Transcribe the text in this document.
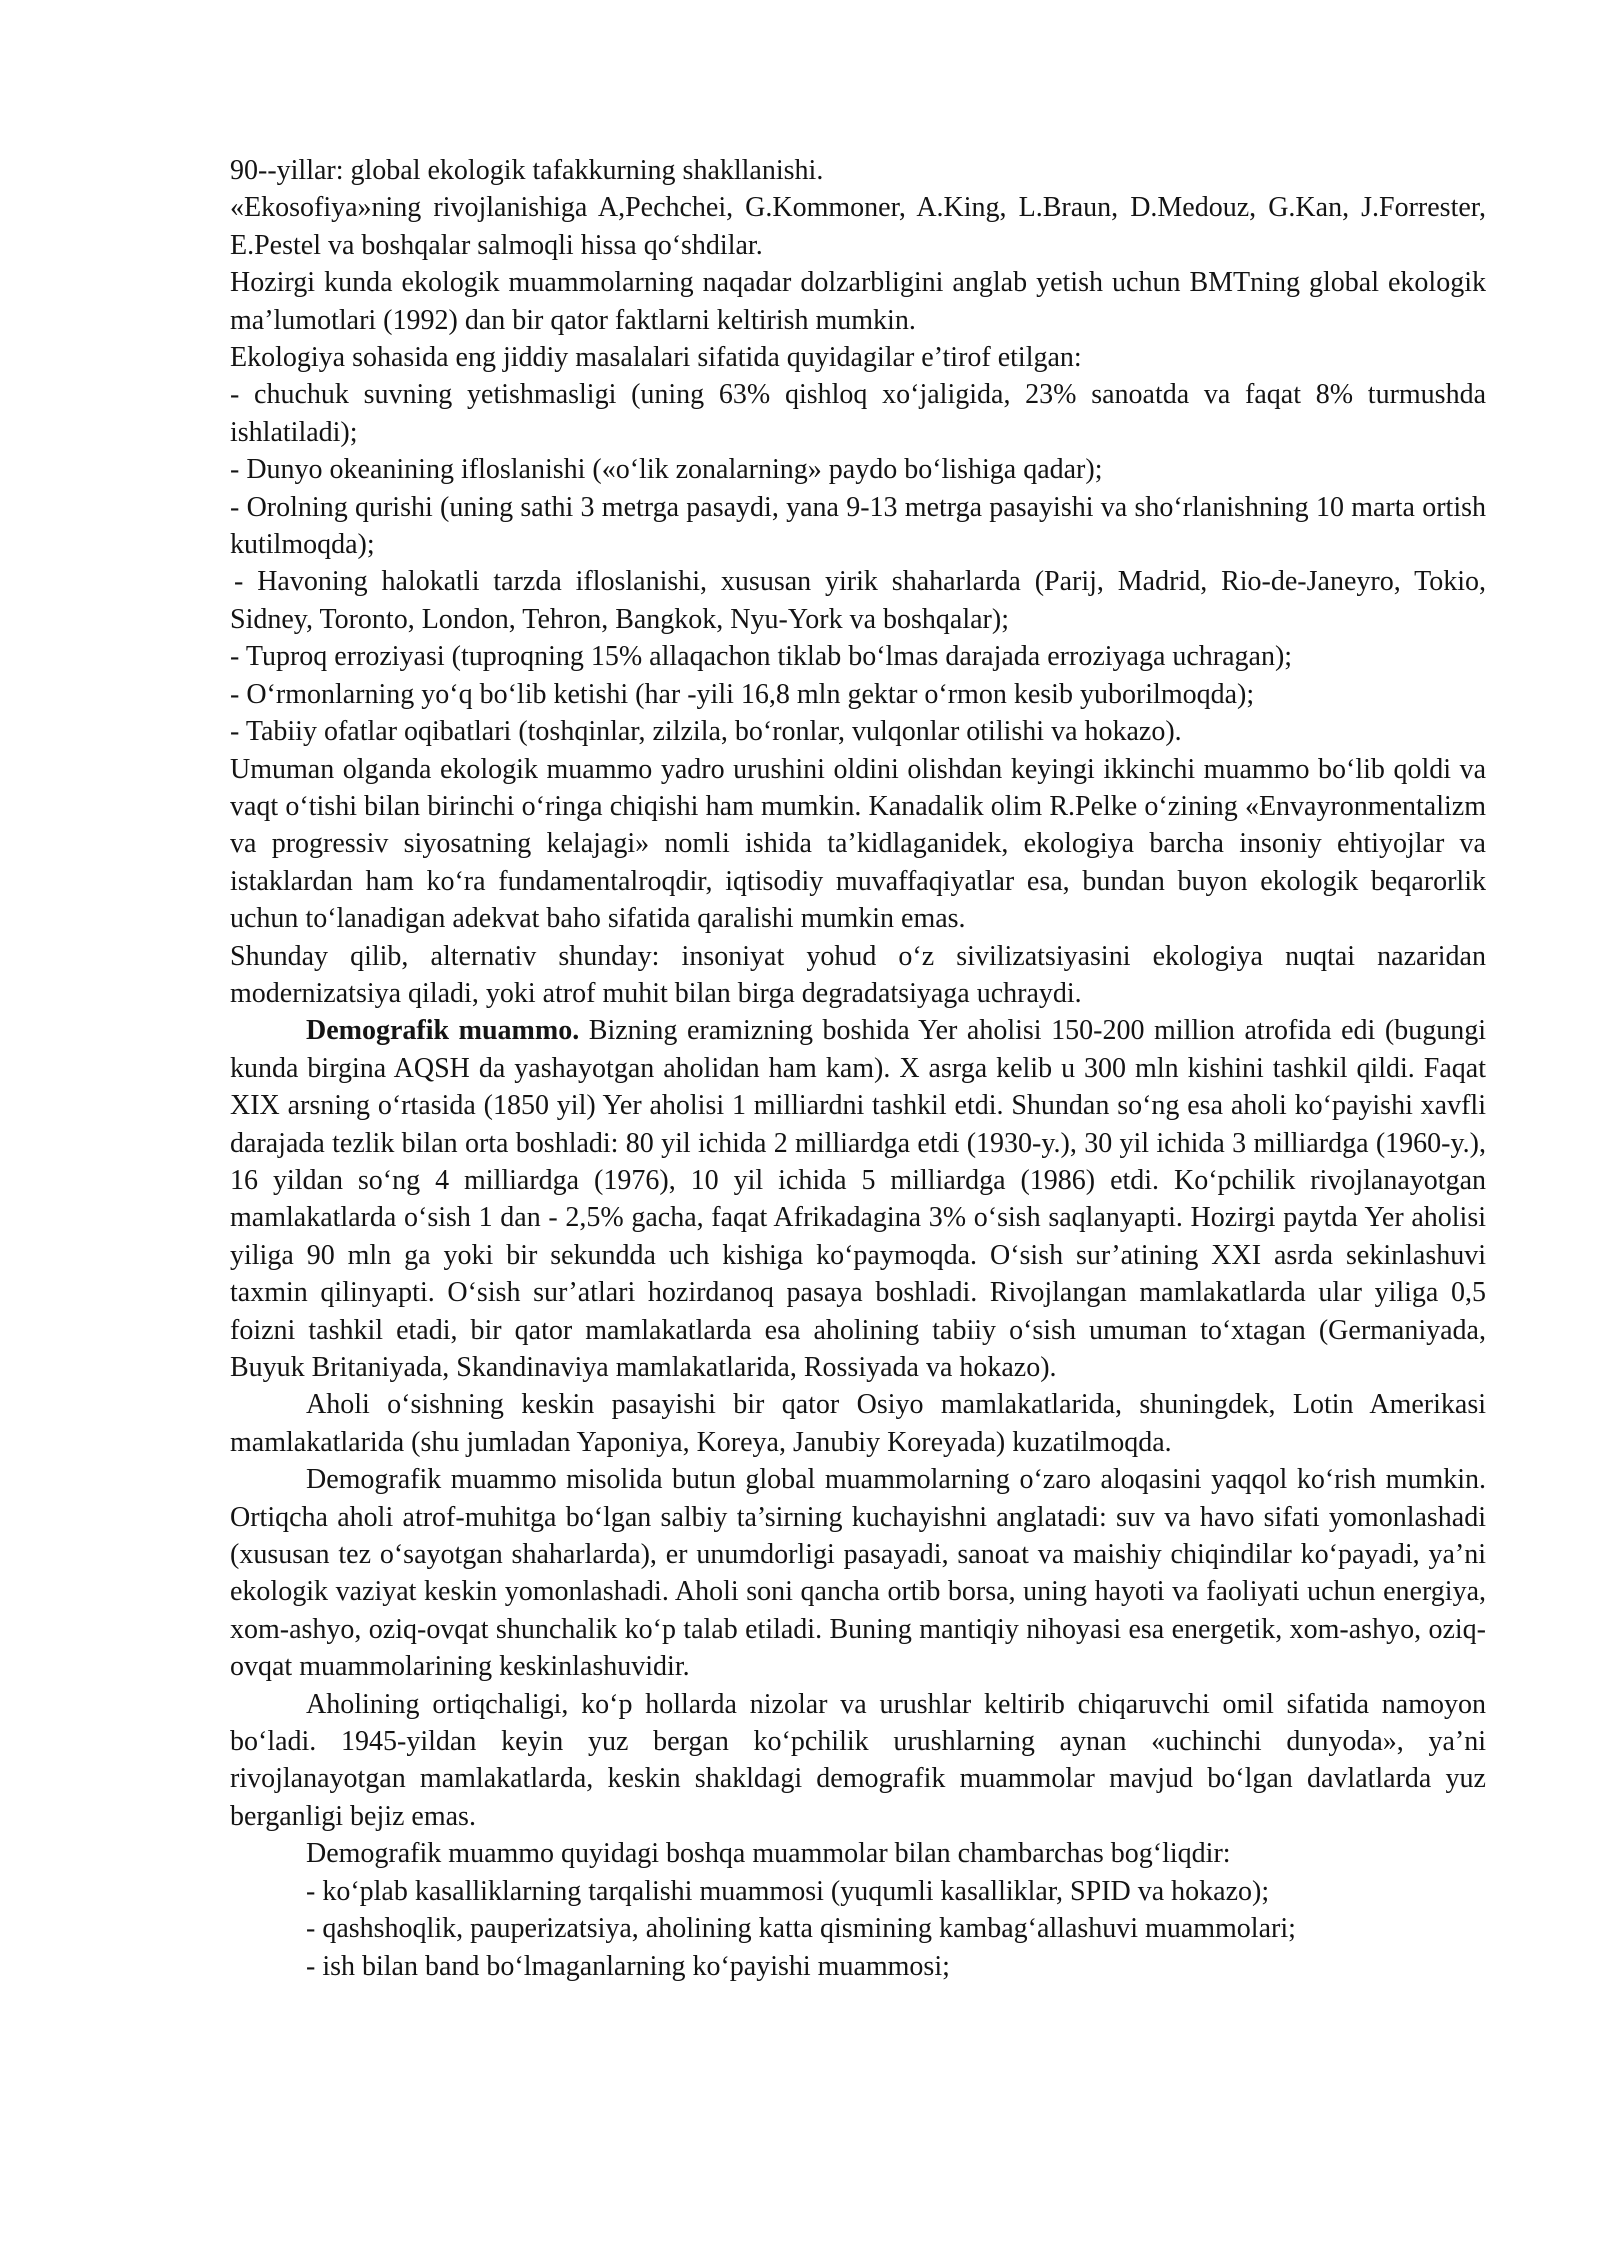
90--yillar: global ekologik tafakkurning shakllanishi.

«Ekosofiya»ning rivojlanishiga A,Pechchei, G.Kommoner, A.King, L.Braun, D.Medouz, G.Kan, J.Forrester, E.Pestel va boshqalar salmoqli hissa qo‘shdilar.

Hozirgi kunda ekologik muammolarning naqadar dolzarbligini anglab yetish uchun BMTning global ekologik ma’lumotlari (1992) dan bir qator faktlarni keltirish mumkin.

Ekologiya sohasida eng jiddiy masalalari sifatida quyidagilar e’tirof etilgan:

- chuchuk suvning yetishmasligi (uning 63% qishloq xo‘jaligida, 23% sanoatda va faqat 8% turmushda ishlatiladi);

- Dunyo okeanining ifloslanishi («o‘lik zonalarning» paydo bo‘lishiga qadar);

- Orolning qurishi (uning sathi 3 metrga pasaydi, yana 9-13 metrga pasayishi va sho‘rlanishning 10 marta ortish kutilmoqda);

- Havoning halokatli tarzda ifloslanishi, xususan yirik shaharlarda (Parij, Madrid, Rio-de-Janeyro, Tokio, Sidney, Toronto, London, Tehron, Bangkok, Nyu-York va boshqalar);

- Tuproq erroziyasi (tuproqning 15% allaqachon tiklab bo‘lmas darajada erroziyaga uchragan);

- O‘rmonlarning yo‘q bo‘lib ketishi (har -yili 16,8 mln gektar o‘rmon kesib yuborilmoqda);

- Tabiiy ofatlar oqibatlari (toshqinlar, zilzila, bo‘ronlar, vulqonlar otilishi va hokazo).

Umuman olganda ekologik muammo yadro urushini oldini olishdan keyingi ikkinchi muammo bo‘lib qoldi va vaqt o‘tishi bilan birinchi o‘ringa chiqishi ham mumkin. Kanadalik olim R.Pelke o‘zining «Envayronmentalizm va progressiv siyosatning kelajagi» nomli ishida ta’kidlaganidek, ekologiya barcha insoniy ehtiyojlar va istaklardan ham ko‘ra fundamentalroqdir, iqtisodiy muvaffaqiyatlar esa, bundan buyon ekologik beqarorlik uchun to‘lanadigan adekvat baho sifatida qaralishi mumkin emas.

Shunday qilib, alternativ shunday: insoniyat yohud o‘z sivilizatsiyasini ekologiya nuqtai nazaridan modernizatsiya qiladi, yoki atrof muhit bilan birga degradatsiyaga uchraydi.

Demografik muammo. Bizning eramizning boshida Yer aholisi 150-200 million atrofida edi (bugungi kunda birgina AQSH da yashayotgan aholidan ham kam). X asrga kelib u 300 mln kishini tashkil qildi. Faqat XIX arsning o‘rtasida (1850 yil) Yer aholisi 1 milliardni tashkil etdi. Shundan so‘ng esa aholi ko‘payishi xavfli darajada tezlik bilan orta boshladi: 80 yil ichida 2 milliardga etdi (1930-y.), 30 yil ichida 3 milliardga (1960-y.), 16 yildan so‘ng 4 milliardga (1976), 10 yil ichida 5 milliardga (1986) etdi. Ko‘pchilik rivojlanayotgan mamlakatlarda o‘sish 1 dan - 2,5% gacha, faqat Afrikadagina 3% o‘sish saqlanyapti. Hozirgi paytda Yer aholisi yiliga 90 mln ga yoki bir sekundda uch kishiga ko‘paymoqda. O‘sish sur’atining XXI asrda sekinlashuvi taxmin qilinyapti. O‘sish sur’atlari hozirdanoq pasaya boshladi. Rivojlangan mamlakatlarda ular yiliga 0,5 foizni tashkil etadi, bir qator mamlakatlarda esa aholining tabiiy o‘sish umuman to‘xtagan (Germaniyada, Buyuk Britaniyada, Skandinaviya mamlakatlarida, Rossiyada va hokazo).

Aholi o‘sishning keskin pasayishi bir qator Osiyo mamlakatlarida, shuningdek, Lotin Amerikasi mamlakatlarida (shu jumladan Yaponiya, Koreya, Janubiy Koreyada) kuzatilmoqda.

Demografik muammo misolida butun global muammolarning o‘zaro aloqasini yaqqol ko‘rish mumkin. Ortiqcha aholi atrof-muhitga bo‘lgan salbiy ta’sirning kuchayishni anglatadi: suv va havo sifati yomonlashadi (xususan tez o‘sayotgan shaharlarda), er unumdorligi pasayadi, sanoat va maishiy chiqindilar ko‘payadi, ya’ni ekologik vaziyat keskin yomonlashadi. Aholi soni qancha ortib borsa, uning hayoti va faoliyati uchun energiya, xom-ashyo, oziq-ovqat shunchalik ko‘p talab etiladi. Buning mantiqiy nihoyasi esa energetik, xom-ashyo, oziq-ovqat muammolarining keskinlashuvidir.

Aholining ortiqchaligi, ko‘p hollarda nizolar va urushlar keltirib chiqaruvchi omil sifatida namoyon bo‘ladi. 1945-yildan keyin yuz bergan ko‘pchilik urushlarning aynan «uchinchi dunyoda», ya’ni rivojlanayotgan mamlakatlarda, keskin shakldagi demografik muammolar mavjud bo‘lgan davlatlarda yuz berganligi bejiz emas.

Demografik muammo quyidagi boshqa muammolar bilan chambarchas bog‘liqdir:

- ko‘plab kasalliklarning tarqalishi muammosi (yuqumli kasalliklar, SPID va hokazo);

- qashshoqlik, pauperizatsiya, aholining katta qismining kambag‘allashuvi muammolari;

- ish bilan band bo‘lmaganlarning ko‘payishi muammosi;
